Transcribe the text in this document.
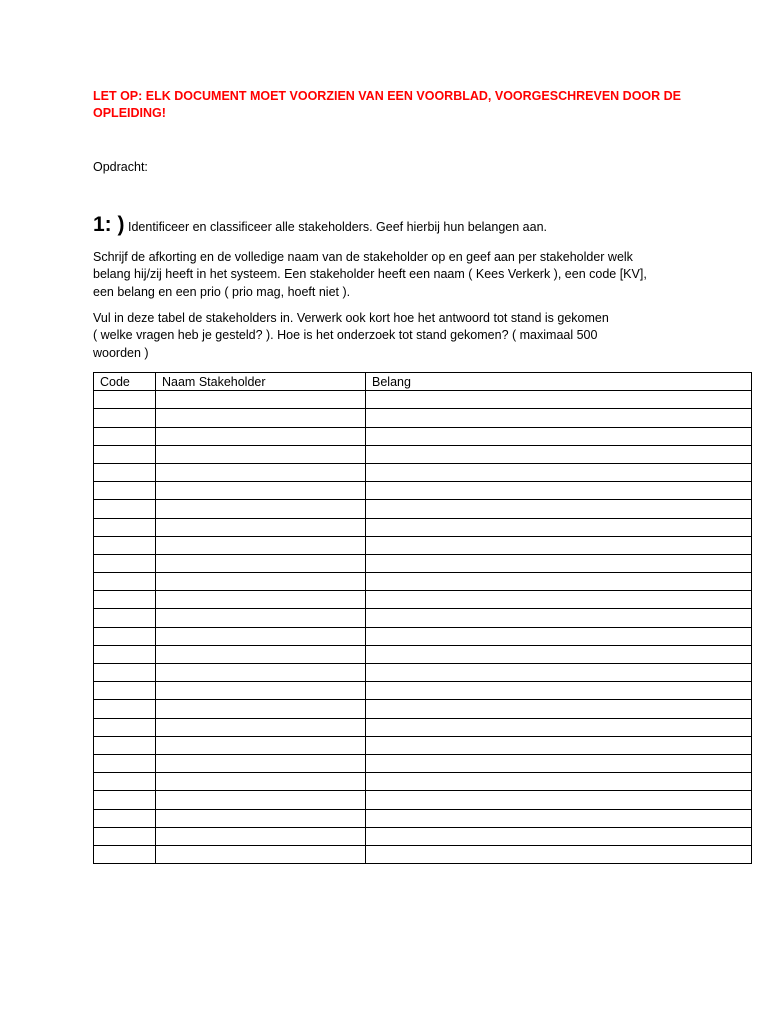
LET OP: ELK DOCUMENT MOET VOORZIEN VAN EEN VOORBLAD, VOORGESCHREVEN DOOR DE OPLEIDING!
Opdracht:
1: ) Identificeer en classificeer alle stakeholders. Geef hierbij hun belangen aan.
Schrijf de afkorting en de volledige naam van de stakeholder op en geef aan per stakeholder welk
belang hij/zij heeft in het systeem. Een stakeholder heeft een naam ( Kees Verkerk ), een code [KV],
een belang en een prio ( prio mag, hoeft niet ).
Vul in deze tabel de stakeholders in. Verwerk ook kort hoe het antwoord tot stand is gekomen
( welke vragen heb je gesteld? ). Hoe is het onderzoek tot stand gekomen? ( maximaal 500
woorden )
Code	Naam Stakeholder	Belang
